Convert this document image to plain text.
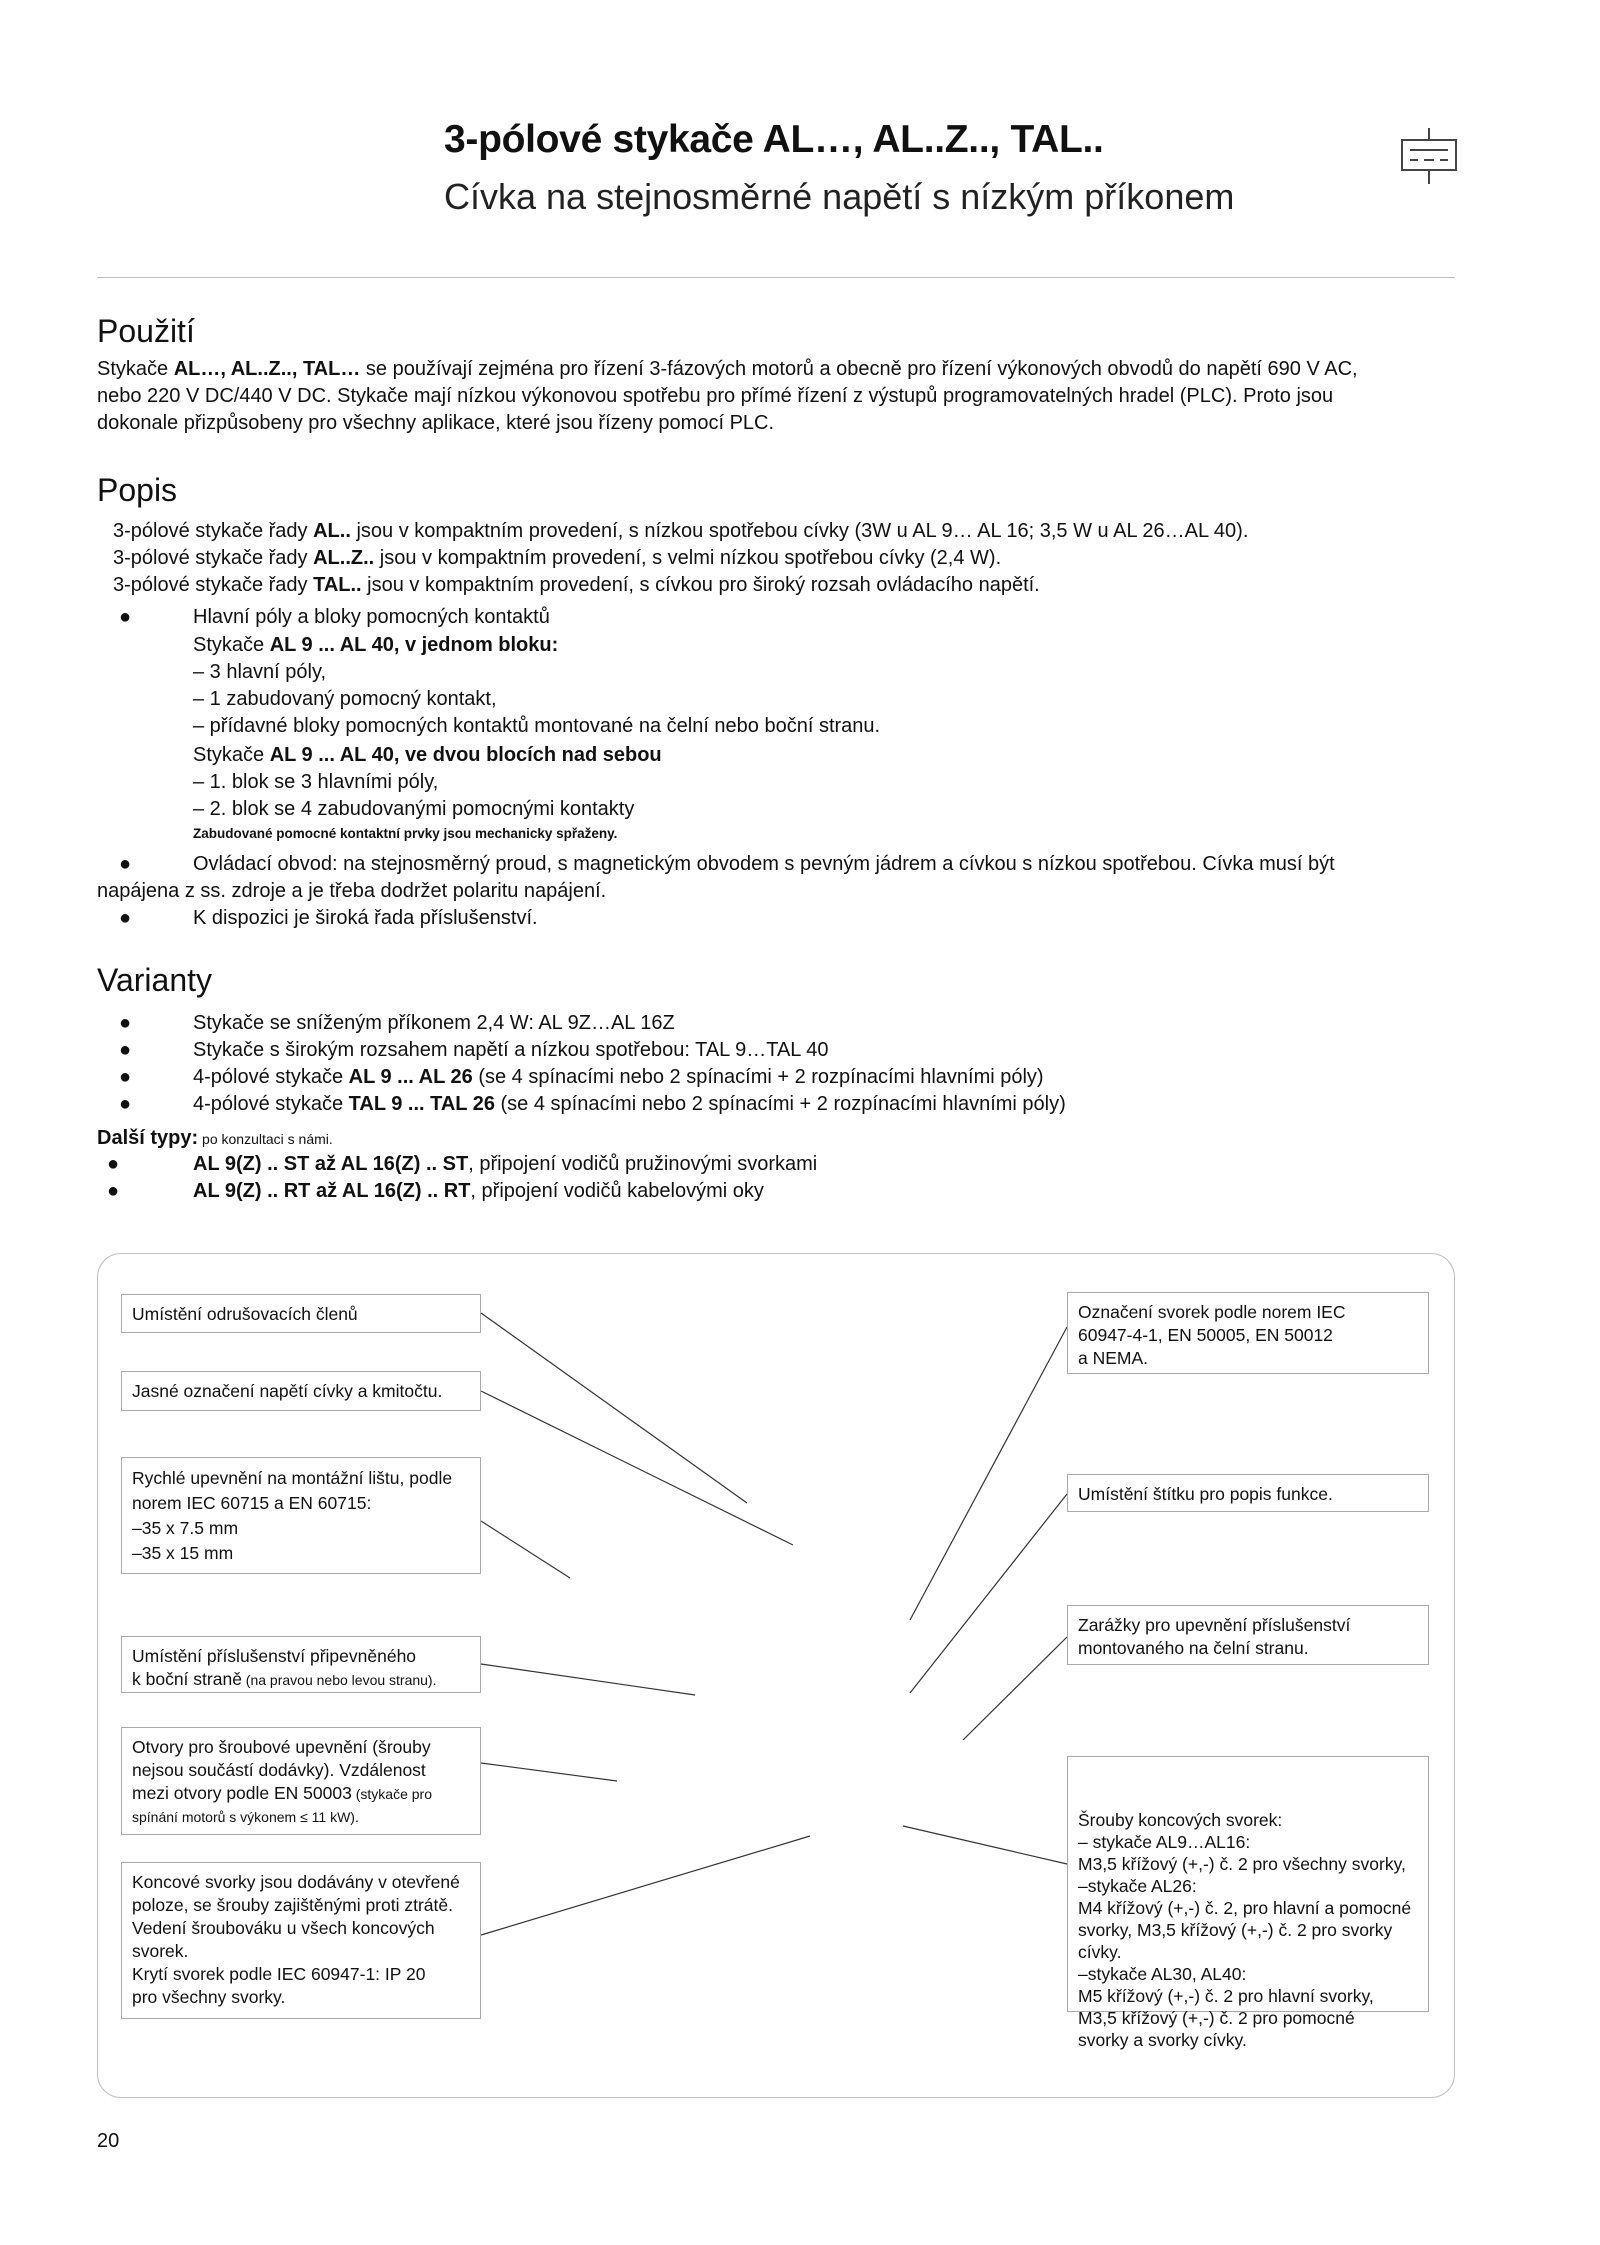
3-pólové stykače AL…, AL..Z.., TAL..
Cívka na stejnosměrné napětí s nízkým příkonem
Použití
Stykače AL…, AL..Z.., TAL… se používají zejména pro řízení 3-fázových motorů a obecně pro řízení výkonových obvodů do napětí 690 V AC,
nebo 220 V DC/440 V DC. Stykače mají nízkou výkonovou spotřebu pro přímé řízení z výstupů programovatelných hradel (PLC). Proto jsou
dokonale přizpůsobeny pro všechny aplikace, které jsou řízeny pomocí PLC.
Popis
3-pólové stykače řady AL.. jsou v kompaktním provedení, s nízkou spotřebou cívky (3W u AL 9… AL 16; 3,5 W u AL 26…AL 40).
3-pólové stykače řady AL..Z.. jsou v kompaktním provedení, s velmi nízkou spotřebou cívky (2,4 W).
3-pólové stykače řady TAL.. jsou v kompaktním provedení, s cívkou pro široký rozsah ovládacího napětí.
●	Hlavní póly a bloky pomocných kontaktů
Stykače AL 9 ... AL 40, v jednom bloku:
– 3 hlavní póly,
– 1 zabudovaný pomocný kontakt,
– přídavné bloky pomocných kontaktů montované na čelní nebo boční stranu.
Stykače AL 9 ... AL 40, ve dvou blocích nad sebou
– 1. blok se 3 hlavními póly,
– 2. blok se 4 zabudovanými pomocnými kontakty
Zabudované pomocné kontaktní prvky jsou mechanicky spřaženy.
●	Ovládací obvod: na stejnosměrný proud, s magnetickým obvodem s pevným jádrem a cívkou s nízkou spotřebou. Cívka musí být
napájena z ss. zdroje a je třeba dodržet polaritu napájení.
●	K dispozici je široká řada příslušenství.
Varianty
●	Stykače se sníženým příkonem 2,4 W: AL 9Z…AL 16Z
●	Stykače s širokým rozsahem napětí a nízkou spotřebou: TAL 9…TAL 40
●	4-pólové stykače AL 9 ... AL 26 (se 4 spínacími nebo 2 spínacími + 2 rozpínacími hlavními póly)
●	4-pólové stykače TAL 9 ... TAL 26 (se 4 spínacími nebo 2 spínacími + 2 rozpínacími hlavními póly)
Další typy: po konzultaci s námi.
●	AL 9(Z) .. ST až AL 16(Z) .. ST, připojení vodičů pružinovými svorkami
●	AL 9(Z) .. RT až AL 16(Z) .. RT, připojení vodičů kabelovými oky
Umístění odrušovacích členů
Jasné označení napětí cívky a kmitočtu.
Rychlé upevnění na montážní lištu, podle
norem IEC 60715 a EN 60715:
–35 x 7.5 mm
–35 x 15 mm
Umístění příslušenství připevněného
k boční straně (na pravou nebo levou stranu).
Otvory pro šroubové upevnění (šrouby
nejsou součástí dodávky). Vzdálenost
mezi otvory podle EN 50003 (stykače pro
spínání motorů s výkonem ≤ 11 kW).
Koncové svorky jsou dodávány v otevřené
poloze, se šrouby zajištěnými proti ztrátě.
Vedení šroubováku u všech koncových
svorek.
Krytí svorek podle IEC 60947-1: IP 20
pro všechny svorky.
Označení svorek podle norem IEC
60947-4-1, EN 50005, EN 50012
a NEMA.
Umístění štítku pro popis funkce.
Zarážky pro upevnění příslušenství
montovaného na čelní stranu.

Šrouby koncových svorek:
– stykače AL9…AL16:
M3,5 křížový (+,-) č. 2 pro všechny svorky,
–stykače AL26:
M4 křížový (+,-) č. 2, pro hlavní a pomocné
svorky, M3,5 křížový (+,-) č. 2 pro svorky
cívky.
–stykače AL30, AL40:
M5 křížový (+,-) č. 2 pro hlavní svorky,
M3,5 křížový (+,-) č. 2 pro pomocné
svorky a svorky cívky.

20
